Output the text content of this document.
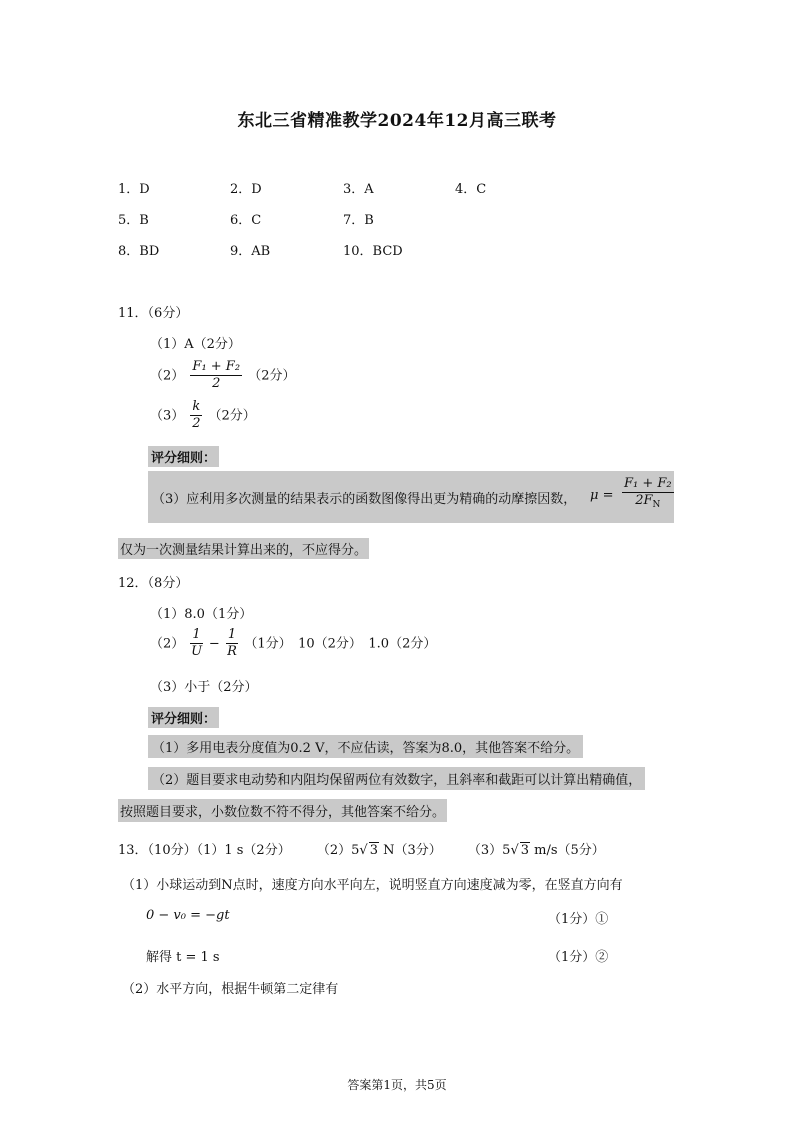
东北三省精准教学2024年12月高三联考
1．D	2．D	3．A	4．C
5．B	6．C	7．B
8．BD	9．AB	10．BCD
11．（6分）
（1）A（2分）
$(2) \frac{\text{F₁ + F₂}}{2} (2$分）
$(3) \frac{k}{2} (2$分）
评分细则：
（3）应利用多次测量的结果表示的函数图像得出更为精确的动摩擦因数， $\mu = \frac{\text{F₁ + F₂}}{2F_N}$
仅为一次测量结果计算出来的，不应得分。
12．（8分）
（1）8.0（1分）
$(2) \frac{1}{U} - \frac{1}{R} (1$分）　10（2分）　1.0（2分）
（3）小于（2分）
评分细则：
（1）多用电表分度值为0.2 V，不应估读，答案为8.0，其他答案不给分。
（2）题目要求电动势和内阻均保留两位有效数字，且斜率和截距可以计算出精确值，
按照题目要求，小数位数不符不得分，其他答案不给分。
13．（10分）（1）1 s（2分） （2）5√ 3 N（3分） （3）5√ 3 m/s（5分）
（1）小球运动到N点时，速度方向水平向左，说明竖直方向速度减为零，在竖直方向有
0 − v₀ = −gt	（1分）①
解得 t = 1 s	（1分）②
（2）水平方向，根据牛顿第二定律有
答案第1页，共5页
